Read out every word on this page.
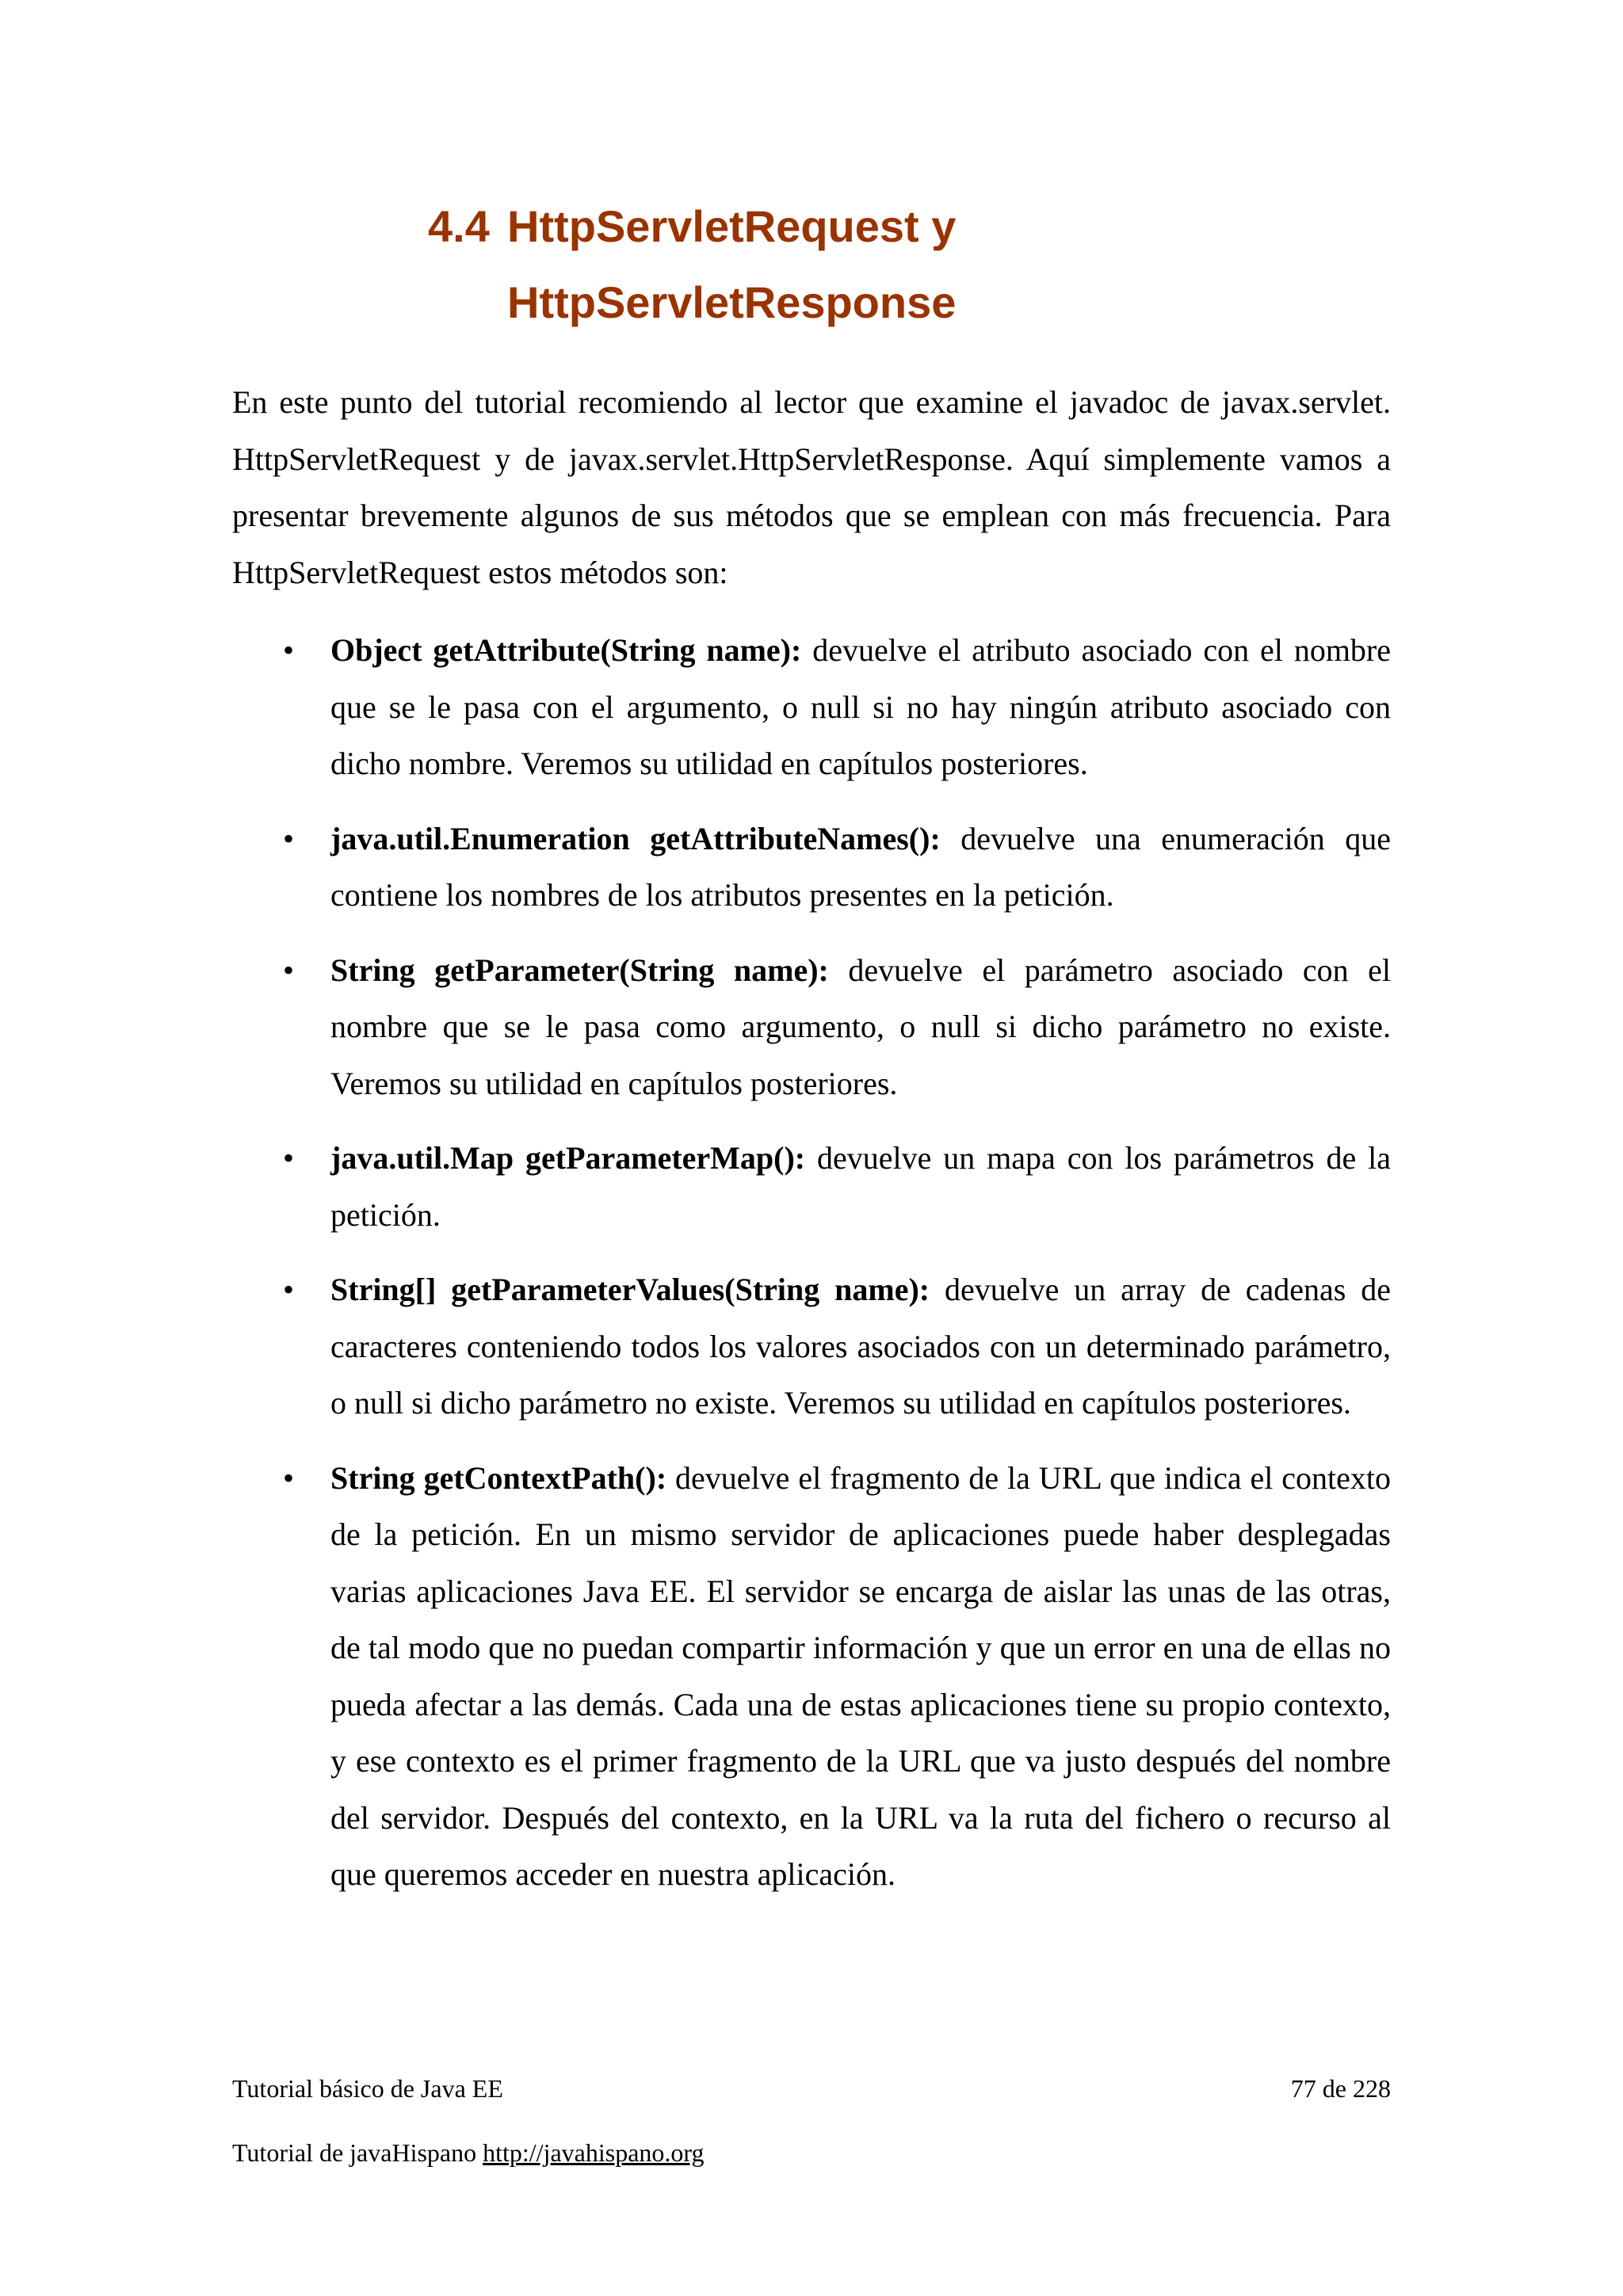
4.4 HttpServletRequest y
HttpServletResponse

En este punto del tutorial recomiendo al lector que examine el javadoc de javax.servlet. HttpServletRequest y de javax.servlet.HttpServletResponse. Aquí simplemente vamos a presentar brevemente algunos de sus métodos que se emplean con más frecuencia. Para HttpServletRequest estos métodos son:

• Object getAttribute(String name): devuelve el atributo asociado con el nombre que se le pasa con el argumento, o null si no hay ningún atributo asociado con dicho nombre. Veremos su utilidad en capítulos posteriores.
• java.util.Enumeration getAttributeNames(): devuelve una enumeración que contiene los nombres de los atributos presentes en la petición.
• String getParameter(String name): devuelve el parámetro asociado con el nombre que se le pasa como argumento, o null si dicho parámetro no existe. Veremos su utilidad en capítulos posteriores.
• java.util.Map getParameterMap(): devuelve un mapa con los parámetros de la petición.
• String[] getParameterValues(String name): devuelve un array de cadenas de caracteres conteniendo todos los valores asociados con un determinado parámetro, o null si dicho parámetro no existe. Veremos su utilidad en capítulos posteriores.
• String getContextPath(): devuelve el fragmento de la URL que indica el contexto de la petición. En un mismo servidor de aplicaciones puede haber desplegadas varias aplicaciones Java EE. El servidor se encarga de aislar las unas de las otras, de tal modo que no puedan compartir información y que un error en una de ellas no pueda afectar a las demás. Cada una de estas aplicaciones tiene su propio contexto, y ese contexto es el primer fragmento de la URL que va justo después del nombre del servidor. Después del contexto, en la URL va la ruta del fichero o recurso al que queremos acceder en nuestra aplicación.
Tutorial básico de Java EE	77 de 228
Tutorial de javaHispano http://javahispano.org
